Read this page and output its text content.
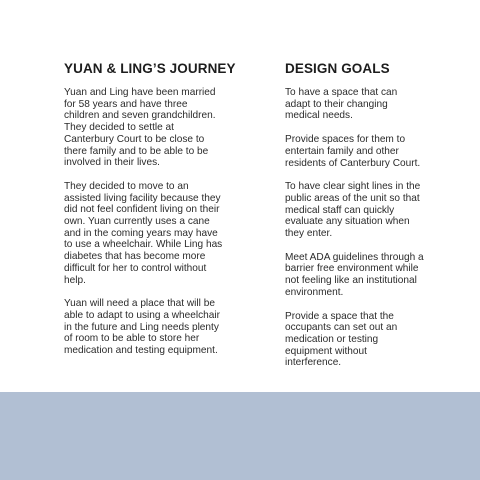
YUAN & LING’S JOURNEY

Yuan and Ling have been married for 58 years and have three children and seven grandchildren. They decided to settle at Canterbury Court to be close to there family and to be able to be involved in their lives.

They decided to move to an assisted living facility because they did not feel confident living on their own. Yuan currently uses a cane and in the coming years may have to use a wheelchair. While Ling has diabetes that has become more difficult for her to control without help.

Yuan will need a place that will be able to adapt to using a wheelchair in the future and Ling needs plenty of room to be able to store her medication and testing equipment.

DESIGN GOALS

To have a space that can adapt to their changing medical needs.

Provide spaces for them to entertain family and other residents of Canterbury Court.

To have clear sight lines in the public areas of the unit so that medical staff can quickly evaluate any situation when they enter.

Meet ADA guidelines through a barrier free environment while not feeling like an institutional environment.

Provide a space that the occupants can set out an medication or testing equipment without interference.
